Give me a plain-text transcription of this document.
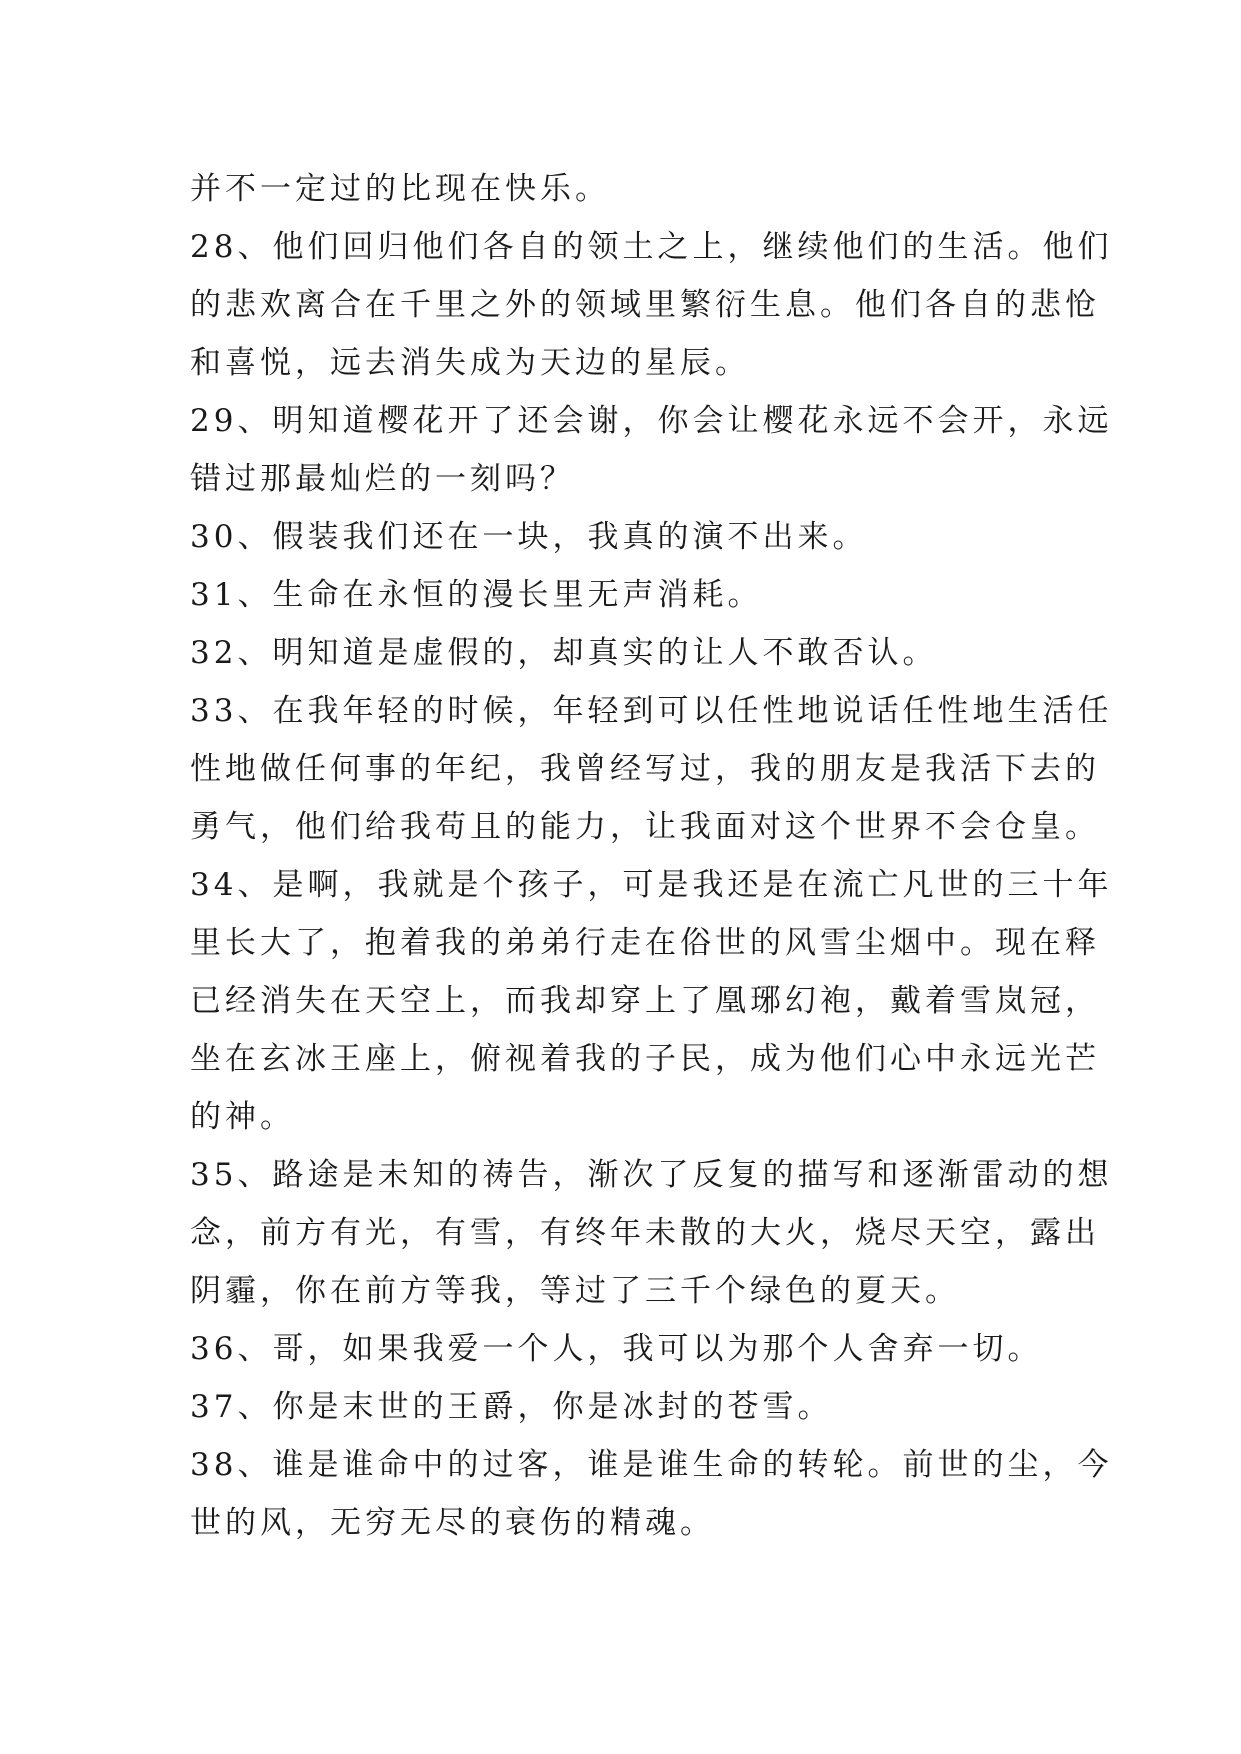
并不一定过的比现在快乐。
28、他们回归他们各自的领土之上，继续他们的生活。他们
的悲欢离合在千里之外的领域里繁衍生息。他们各自的悲怆
和喜悦，远去消失成为天边的星辰。
29、明知道樱花开了还会谢，你会让樱花永远不会开，永远
错过那最灿烂的一刻吗？
30、假装我们还在一块，我真的演不出来。
31、生命在永恒的漫长里无声消耗。
32、明知道是虚假的，却真实的让人不敢否认。
33、在我年轻的时候，年轻到可以任性地说话任性地生活任
性地做任何事的年纪，我曾经写过，我的朋友是我活下去的
勇气，他们给我苟且的能力，让我面对这个世界不会仓皇。
34、是啊，我就是个孩子，可是我还是在流亡凡世的三十年
里长大了，抱着我的弟弟行走在俗世的风雪尘烟中。现在释
已经消失在天空上，而我却穿上了凰琊幻袍，戴着雪岚冠，
坐在玄冰王座上，俯视着我的子民，成为他们心中永远光芒
的神。
35、路途是未知的祷告，渐次了反复的描写和逐渐雷动的想
念，前方有光，有雪，有终年未散的大火，烧尽天空，露出
阴霾，你在前方等我，等过了三千个绿色的夏天。
36、哥，如果我爱一个人，我可以为那个人舍弃一切。
37、你是末世的王爵，你是冰封的苍雪。
38、谁是谁命中的过客，谁是谁生命的转轮。前世的尘，今
世的风，无穷无尽的衰伤的精魂。
